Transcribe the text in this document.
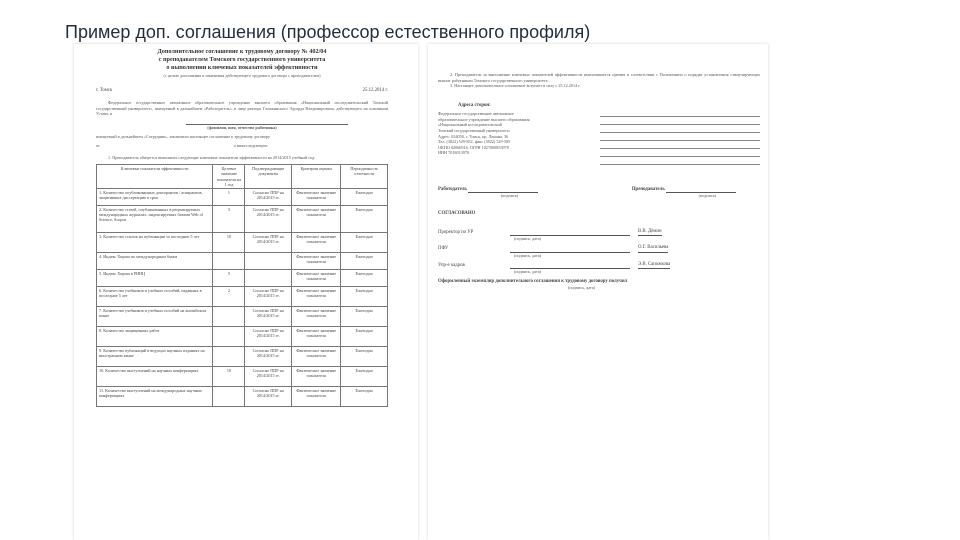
Пример доп. соглашения (профессор естественного профиля)
Дополнительное соглашение к трудовому договору № 402/04
с преподавателем Томского государственного университета
о выполнении ключевых показателей эффективности
(с целью дополнения и изменения действующего трудового договора с преподавателем)
г. Томск	25.12.2014 г.
Федеральное государственное автономное образовательное учреждение высшего образования «Национальный исследовательский Томский государственный университет», именуемый в дальнейшем «Работодатель», в лице ректора Галажинского Эдуарда Владимировича, действующего на основании Устава, и
(фамилия, имя, отчество работника)
именуемый в дальнейшем «Сотрудник», заключили настоящее соглашение к трудовому договору
от	о нижеследующем:
1. Преподаватель обязуется выполнить следующие ключевые показатели эффективности на 2014/2015 учебный год:
Ключевые показатели эффективности	Целевое значение показателя на 1 год	Подтверждающие документы	Критерии оценки	Периодичность отчетности
1. Количество опубликованных докторантов / аспирантов, защитивших диссертацию в срок	1	Согласно ППР на 2014/2015 гг.	Фактическое значение показателя	Ежегодно
2. Количество статей, опубликованных в рецензируемых международных журналах, индексируемых базами Web of Science, Scopus	3	Согласно ППР на 2014/2015 гг.	Фактическое значение показателя	Ежегодно
3. Количество ссылок на публикации за последние 5 лет	10	Согласно ППР на 2014/2015 гг.	Фактическое значение показателя	Ежегодно
4. Индекс Хирша по международным базам			Фактическое значение показателя	Ежегодно
5. Индекс Хирша в РИНЦ	5		Фактическое значение показателя	Ежегодно
6. Количество учебников и учебных пособий, изданных в последние 5 лет	2	Согласно ППР на 2014/2015 гг.	Фактическое значение показателя	Ежегодно
7. Количество учебников и учебных пособий на английском языке		Согласно ППР на 2014/2015 гг.	Фактическое значение показателя	Ежегодно
8. Количество защищенных работ		Согласно ППР на 2014/2015 гг.	Фактическое значение показателя	Ежегодно
9. Количество публикаций в ведущих научных изданиях на иностранном языке		Согласно ППР на 2014/2015 гг.	Фактическое значение показателя	Ежегодно
10. Количество выступлений на научных конференциях	10	Согласно ППР на 2014/2015 гг.	Фактическое значение показателя	Ежегодно
11. Количество выступлений на международных научных конференциях		Согласно ППР на 2014/2015 гг.	Фактическое значение показателя	Ежегодно
2. Преподаватель за выполнение ключевых показателей эффективности выплачивается премия в соответствии с Положением о порядке установления стимулирующих выплат работникам Томского государственного университета.
3. Настоящее дополнительное соглашение вступает в силу с 25.12.2014 г.
Адреса сторон:
Федеральное государственное автономное
образовательное учреждение высшего образования
«Национальный исследовательский
Томский государственный университет»
Адрес: 634050, г. Томск, пр. Ленина, 36
Тел. (3822) 529-852, факс (3822) 529-585
ОКПО 02066916, ОГРН 1027000853978
ИНН 7018013970
Работодатель
(подпись)
Преподаватель
(подпись)
СОГЛАСОВАНО
Проректор по УР	В.В. Дёмин
(подпись, дата)
ПФУ	О.Г. Васильева
(подпись, дата)
Упр-е кадров	Э.В. Сапожкова
(подпись, дата)
Оформленный экземпляр дополнительного соглашения к трудовому договору получил
(подпись, дата)
